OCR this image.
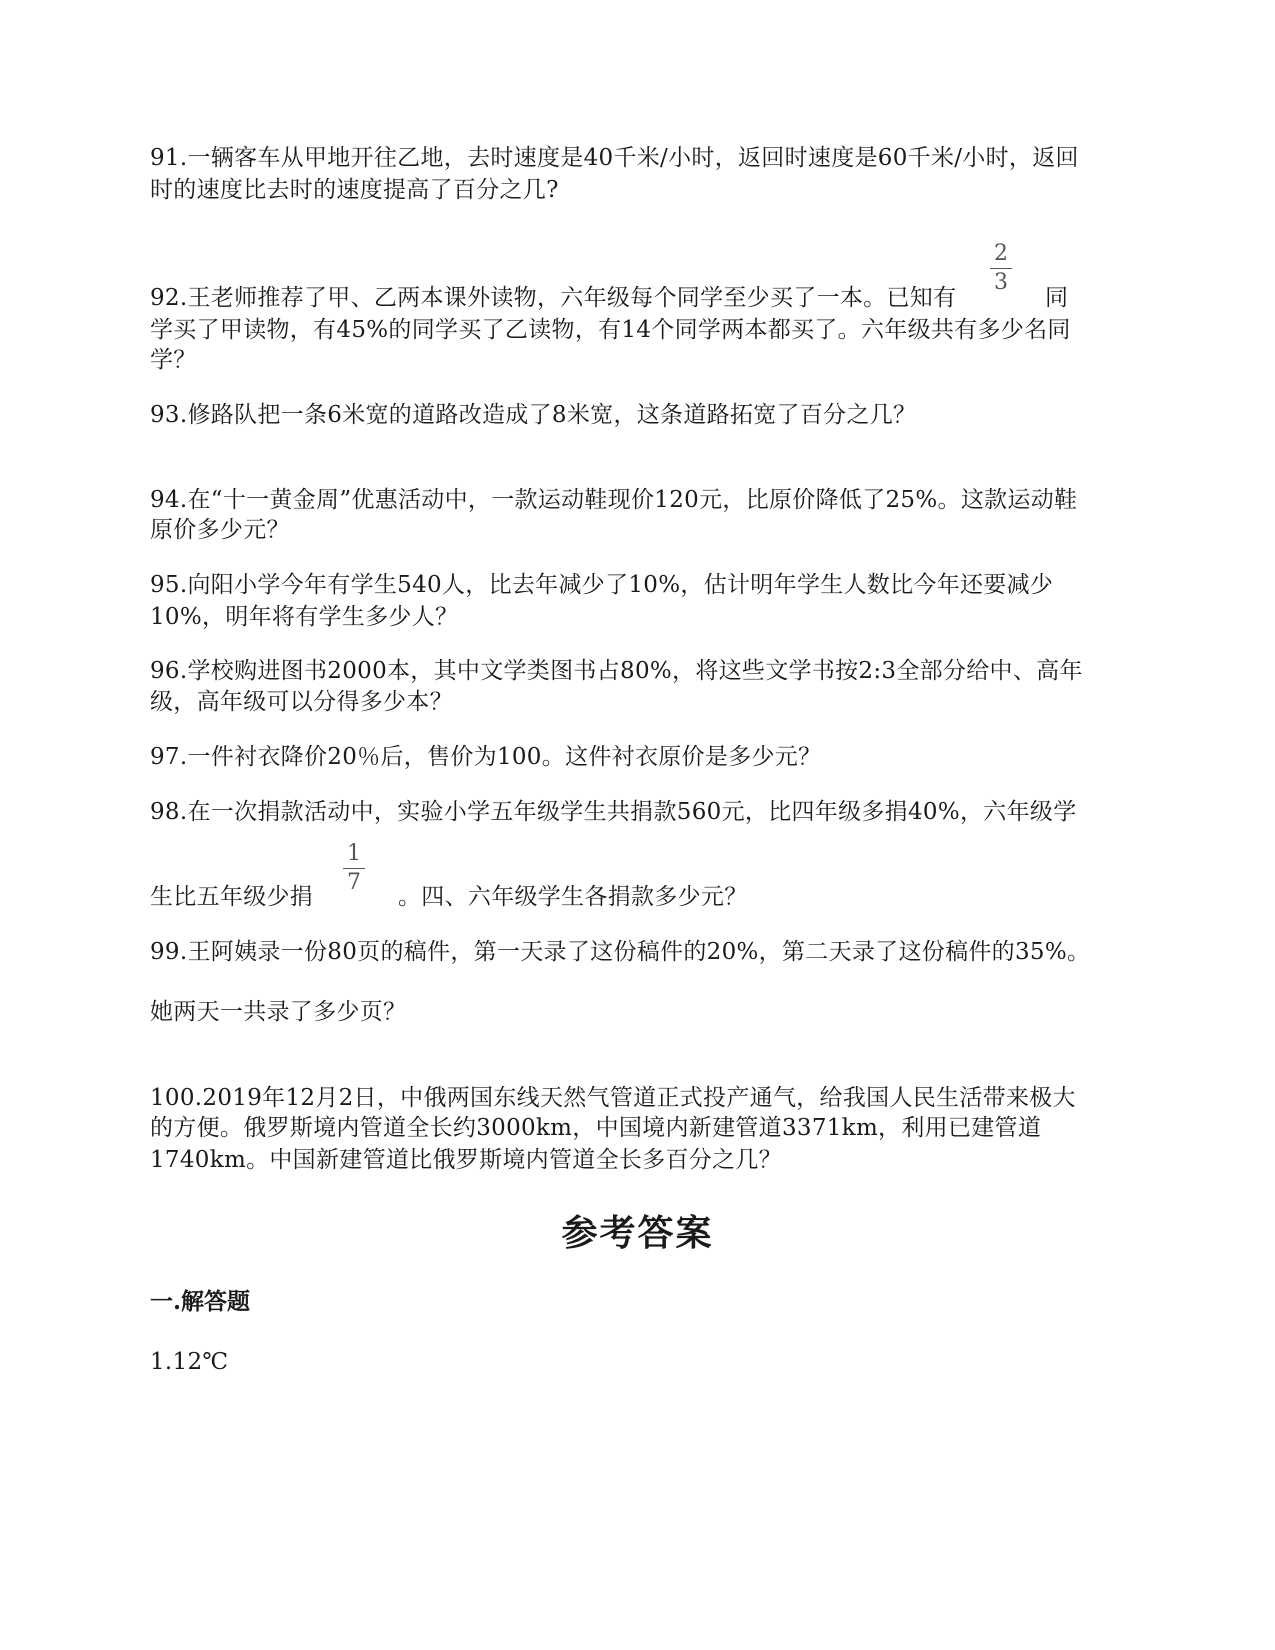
91.一辆客车从甲地开往乙地，去时速度是40千米/小时，返回时速度是60千米/小时，返回
时的速度比去时的速度提高了百分之几?
2
3
92.王老师推荐了甲、乙两本课外读物，六年级每个同学至少买了一本。已知有	同
学买了甲读物，有45%的同学买了乙读物，有14个同学两本都买了。六年级共有多少名同
学？
93.修路队把一条6米宽的道路改造成了8米宽，这条道路拓宽了百分之几？
94.在“十一黄金周”优惠活动中，一款运动鞋现价120元，比原价降低了25%。这款运动鞋
原价多少元？
95.向阳小学今年有学生540人，比去年减少了10%，估计明年学生人数比今年还要减少
10%，明年将有学生多少人？
96.学校购进图书2000本，其中文学类图书占80%，将这些文学书按2:3全部分给中、高年
级，高年级可以分得多少本？
97.一件衬衣降价20％后，售价为100。这件衬衣原价是多少元？
98.在一次捐款活动中，实验小学五年级学生共捐款560元，比四年级多捐40%，六年级学
1
7
生比五年级少捐	。四、六年级学生各捐款多少元？
99.王阿姨录一份80页的稿件，第一天录了这份稿件的20%，第二天录了这份稿件的35%。
她两天一共录了多少页？
100.2019年12月2日，中俄两国东线天然气管道正式投产通气，给我国人民生活带来极大
的方便。俄罗斯境内管道全长约3000km，中国境内新建管道3371km，利用已建管道
1740km。中国新建管道比俄罗斯境内管道全长多百分之几？
参考答案
一.解答题
1.12℃
